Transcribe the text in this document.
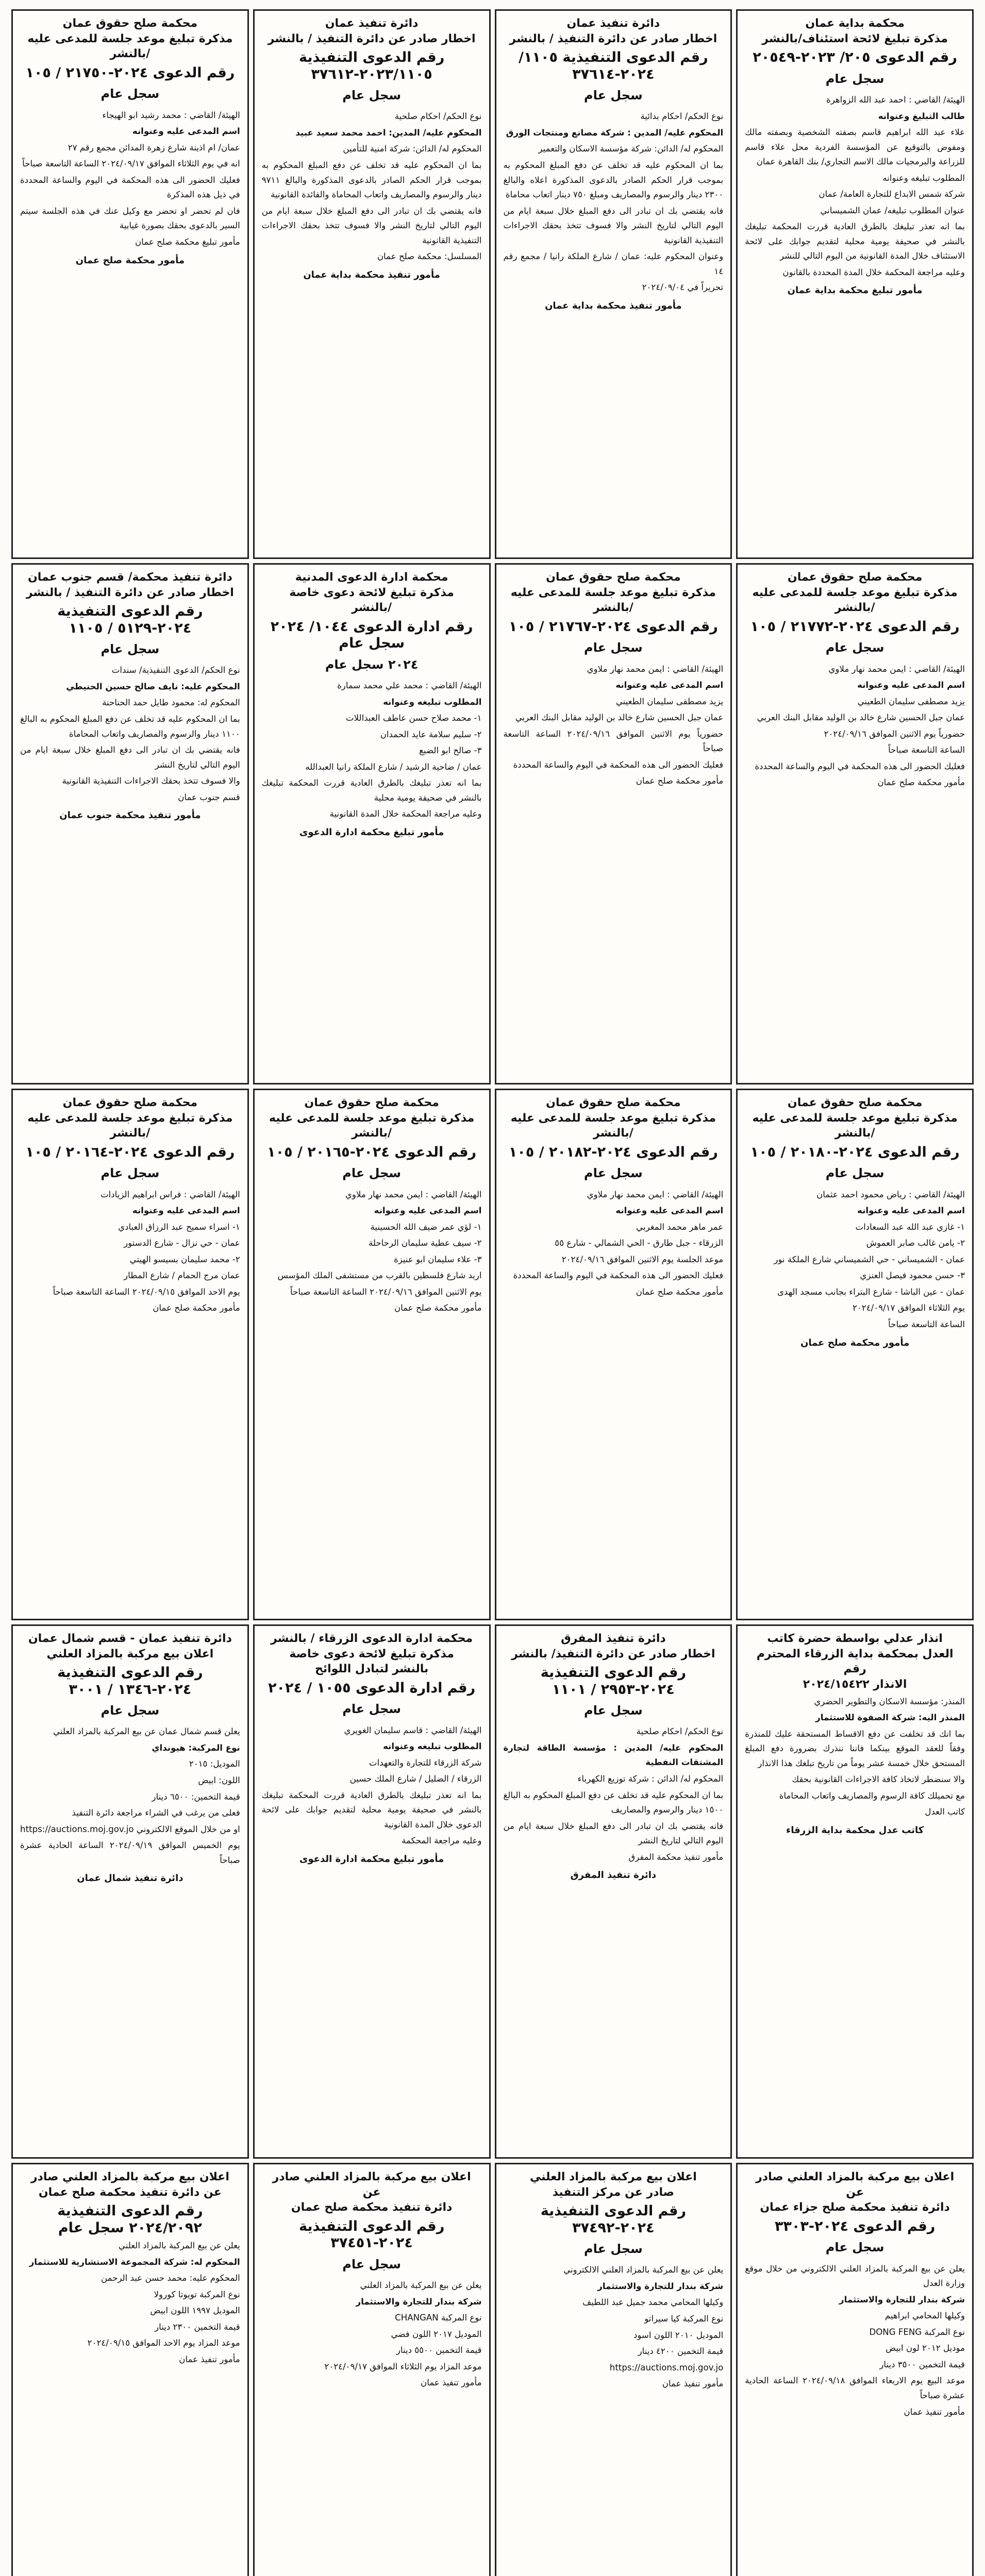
محكمة بداية عمان
مذكرة تبليغ لائحة استئناف/بالنشر
رقم الدعوى ٢٠٥/ ٢٠٢٣-٢٠٥٤٩
سجل عام
الهيئة/ القاضي : احمد عبد الله الزواهرة
طالب التبليغ وعنوانه
علاء عبد الله ابراهيم قاسم بصفته الشخصية وبصفته مالك ومفوض بالتوقيع عن المؤسسة الفردية محل علاء قاسم للزراعة والبرمجيات مالك الاسم التجاري/ بنك القاهرة عمان
المطلوب تبليغه وعنوانه
شركة شمس الابداع للتجارة العامة/ عمان
عنوان المطلوب تبليغه/ عمان الشميساني
بما انه تعذر تبليغك بالطرق العادية قررت المحكمة تبليغك بالنشر في صحيفة يومية محلية لتقديم جوابك على لائحة الاستئناف خلال المدة القانونية من اليوم التالي للنشر
وعليه مراجعة المحكمة خلال المدة المحددة بالقانون
مأمور تبليغ محكمة بداية عمان
دائرة تنفيذ عمان
اخطار صادر عن دائرة التنفيذ / بالنشر
رقم الدعوى التنفيذية ١١٠٥/ ٢٠٢٤-٣٧٦١٤
سجل عام
نوع الحكم/ احكام بدائية
المحكوم عليه/ المدين : شركة مصانع ومنتجات الورق
المحكوم له/ الدائن: شركة مؤسسة الاسكان والتعمير
بما ان المحكوم عليه قد تخلف عن دفع المبلغ المحكوم به بموجب قرار الحكم الصادر بالدعوى المذكورة اعلاه والبالغ ٢٣٠٠ دينار والرسوم والمصاريف ومبلغ ٧٥٠ دينار اتعاب محاماة
فانه يقتضي بك ان تبادر الى دفع المبلغ خلال سبعة ايام من اليوم التالي لتاريخ النشر والا فسوف تتخذ بحقك الاجراءات التنفيذية القانونية
وعنوان المحكوم عليه: عمان / شارع الملكة رانيا / مجمع رقم ١٤
تحريراً في ٢٠٢٤/٠٩/٠٤
مأمور تنفيذ محكمة بداية عمان
دائرة تنفيذ عمان
اخطار صادر عن دائرة التنفيذ / بالنشر
رقم الدعوى التنفيذية ٢٠٢٣/١١٠٥-٣٧٦١٢
سجل عام
نوع الحكم/ احكام صلحية
المحكوم عليه/ المدين: احمد محمد سعيد عبيد
المحكوم له/ الدائن: شركة امنية للتأمين
بما ان المحكوم عليه قد تخلف عن دفع المبلغ المحكوم به بموجب قرار الحكم الصادر بالدعوى المذكورة والبالغ ٩٧١١ دينار والرسوم والمصاريف واتعاب المحاماة والفائدة القانونية
فانه يقتضي بك ان تبادر الى دفع المبلغ خلال سبعة ايام من اليوم التالي لتاريخ النشر والا فسوف تتخذ بحقك الاجراءات التنفيذية القانونية
المسلسل: محكمة صلح عمان
مأمور تنفيذ محكمة بداية عمان
محكمة صلح حقوق عمان
مذكرة تبليغ موعد جلسة للمدعى عليه
/بالنشر
رقم الدعوى ٢٠٢٤-٢١٧٥٠ / ١٠٥
سجل عام
الهيئة/ القاضي : محمد رشيد ابو الهيجاء
اسم المدعى عليه وعنوانه
عمان/ ام اذينة شارع زهرة المدائن مجمع رقم ٢٧
انه في يوم الثلاثاء الموافق ٢٠٢٤/٠٩/١٧ الساعة التاسعة صباحاً
فعليك الحضور الى هذه المحكمة في اليوم والساعة المحددة في ذيل هذه المذكرة
فان لم تحضر او تحضر مع وكيل عنك في هذه الجلسة سيتم السير بالدعوى بحقك بصورة غيابية
مأمور تبليغ محكمة صلح عمان
مأمور محكمة صلح عمان
محكمة صلح حقوق عمان
مذكرة تبليغ موعد جلسة للمدعى عليه
/بالنشر
رقم الدعوى ٢٠٢٤-٢١٧٧٢ / ١٠٥
سجل عام
الهيئة/ القاضي : ايمن محمد نهار ملاوي
اسم المدعى عليه وعنوانه
يزيد مصطفى سليمان الطعيني
عمان جبل الحسين شارع خالد بن الوليد مقابل البنك العربي
حضورياً يوم الاثنين الموافق ٢٠٢٤/٠٩/١٦
الساعة التاسعة صباحاً
فعليك الحضور الى هذه المحكمة في اليوم والساعة المحددة
مأمور محكمة صلح عمان
محكمة صلح حقوق عمان
مذكرة تبليغ موعد جلسة للمدعى عليه
/بالنشر
رقم الدعوى ٢٠٢٤-٢١٧٦٧ / ١٠٥
سجل عام
الهيئة/ القاضي : ايمن محمد نهار ملاوي
اسم المدعى عليه وعنوانه
يزيد مصطفى سليمان الطعيني
عمان جبل الحسين شارع خالد بن الوليد مقابل البنك العربي
حضورياً يوم الاثنين الموافق ٢٠٢٤/٠٩/١٦ الساعة التاسعة صباحاً
فعليك الحضور الى هذه المحكمة في اليوم والساعة المحددة
مأمور محكمة صلح عمان
محكمة ادارة الدعوى المدنية
مذكرة تبليغ لائحة دعوى خاصة
/بالنشر
رقم ادارة الدعوى ١٠٤٤/ ٢٠٢٤ سجل عام
٢٠٢٤ سجل عام
الهيئة/ القاضي : محمد علي محمد سمارة
المطلوب تبليغه وعنوانه
١- محمد صلاح حسن عاطف العبداللات
٢- سليم سلامة عايد الحمدان
٣- صالح ابو الضبع
عمان / ضاحية الرشيد / شارع الملكة رانيا العبدالله
بما انه تعذر تبليغك بالطرق العادية قررت المحكمة تبليغك بالنشر في صحيفة يومية محلية
وعليه مراجعة المحكمة خلال المدة القانونية
مأمور تبليغ محكمة ادارة الدعوى
دائرة تنفيذ محكمة/ قسم جنوب عمان
اخطار صادر عن دائرة التنفيذ / بالنشر
رقم الدعوى التنفيذية ٢٠٢٤-٥١٢٩ / ١١٠٥
سجل عام
نوع الحكم/ الدعوى التنفيذية/ سندات
المحكوم عليه: نايف صالح حسين الحنيطي
المحكوم له: محمود طايل حمد الحناحنة
بما ان المحكوم عليه قد تخلف عن دفع المبلغ المحكوم به البالغ ١١٠٠ دينار والرسوم والمصاريف واتعاب المحاماة
فانه يقتضي بك ان تبادر الى دفع المبلغ خلال سبعة ايام من اليوم التالي لتاريخ النشر
والا فسوف تتخذ بحقك الاجراءات التنفيذية القانونية
قسم جنوب عمان
مأمور تنفيذ محكمة جنوب عمان
محكمة صلح حقوق عمان
مذكرة تبليغ موعد جلسة للمدعى عليه
/بالنشر
رقم الدعوى ٢٠٢٤-٢٠١٨٠ / ١٠٥
سجل عام
الهيئة/ القاضي : رياض محمود احمد عثمان
اسم المدعى عليه وعنوانه
١- غازي عبد الله عبد السعادات
٢- يامن غالب صابر العموش
عمان - الشميساني - حي الشميساني شارع الملكة نور
٣- حسن محمود فيصل العنزي
عمان - عين الباشا - شارع البتراء بجانب مسجد الهدى
يوم الثلاثاء الموافق ٢٠٢٤/٠٩/١٧
الساعة التاسعة صباحاً
مأمور محكمة صلح عمان
محكمة صلح حقوق عمان
مذكرة تبليغ موعد جلسة للمدعى عليه
/بالنشر
رقم الدعوى ٢٠٢٤-٢٠١٨٢ / ١٠٥
سجل عام
الهيئة/ القاضي : ايمن محمد نهار ملاوي
اسم المدعى عليه وعنوانه
عمر ماهر محمد المغربي
الزرقاء - جبل طارق - الحي الشمالي - شارع ٥٥
موعد الجلسة يوم الاثنين الموافق ٢٠٢٤/٠٩/١٦
فعليك الحضور الى هذه المحكمة في اليوم والساعة المحددة
مأمور محكمة صلح عمان
محكمة صلح حقوق عمان
مذكرة تبليغ موعد جلسة للمدعى عليه
/بالنشر
رقم الدعوى ٢٠٢٤-٢٠١٦٥ / ١٠٥
سجل عام
الهيئة/ القاضي : ايمن محمد نهار ملاوي
اسم المدعى عليه وعنوانه
١- لؤي عمر ضيف الله الحسينية
٢- سيف عطية سليمان الرحاحلة
٣- علاء سليمان ابو عنيزة
اربد شارع فلسطين بالقرب من مستشفى الملك المؤسس
يوم الاثنين الموافق ٢٠٢٤/٠٩/١٦ الساعة التاسعة صباحاً
مأمور محكمة صلح عمان
محكمة صلح حقوق عمان
مذكرة تبليغ موعد جلسة للمدعى عليه
/بالنشر
رقم الدعوى ٢٠٢٤-٢٠١٦٤ / ١٠٥
سجل عام
الهيئة/ القاضي : فراس ابراهيم الزيادات
اسم المدعى عليه وعنوانه
١- اسراء سميح عبد الرزاق العبادي
عمان - حي نزال - شارع الدستور
٢- محمد سليمان بسيسو الهيتي
عمان مرج الحمام / شارع المطار
يوم الاحد الموافق ٢٠٢٤/٠٩/١٥ الساعة التاسعة صباحاً
مأمور محكمة صلح عمان
انذار عدلي بواسطة حضرة كاتب
العدل بمحكمة بداية الزرقاء المحترم رقم
الانذار ٢٠٢٤/١٥٤٢٢
المنذر: مؤسسة الاسكان والتطوير الحضري
المنذر اليه: شركة الصفوة للاستثمار
بما انك قد تخلفت عن دفع الاقساط المستحقة عليك للمنذرة وفقاً للعقد الموقع بينكما فاننا ننذرك بضرورة دفع المبلغ المستحق خلال خمسة عشر يوماً من تاريخ تبلغك هذا الانذار
والا سنضطر لاتخاذ كافة الاجراءات القانونية بحقك
مع تحميلك كافة الرسوم والمصاريف واتعاب المحاماة
كاتب العدل
كاتب عدل محكمة بداية الزرقاء
دائرة تنفيذ المفرق
اخطار صادر عن دائرة التنفيذ/ بالنشر
رقم الدعوى التنفيذية ٢٠٢٤-٢٩٥٣ / ١١٠١
سجل عام
نوع الحكم/ احكام صلحية
المحكوم عليه/ المدين : مؤسسة الطاقة لتجارة المشتقات النفطية
المحكوم له/ الدائن : شركة توزيع الكهرباء
بما ان المحكوم عليه قد تخلف عن دفع المبلغ المحكوم به البالغ ١٥٠٠ دينار والرسوم والمصاريف
فانه يقتضي بك ان تبادر الى دفع المبلغ خلال سبعة ايام من اليوم التالي لتاريخ النشر
مأمور تنفيذ محكمة المفرق
دائرة تنفيذ المفرق
محكمة ادارة الدعوى الزرقاء / بالنشر
مذكرة تبليغ لائحة دعوى خاصة
بالنشر لتبادل اللوائح
رقم ادارة الدعوى ١٠٥٥ / ٢٠٢٤
سجل عام
الهيئة/ القاضي : قاسم سليمان الغويري
المطلوب تبليغه وعنوانه
شركة الزرقاء للتجارة والتعهدات
الزرقاء / الضليل / شارع الملك حسين
بما انه تعذر تبليغك بالطرق العادية قررت المحكمة تبليغك بالنشر في صحيفة يومية محلية لتقديم جوابك على لائحة الدعوى خلال المدة القانونية
وعليه مراجعة المحكمة
مأمور تبليغ محكمة ادارة الدعوى
دائرة تنفيذ عمان - قسم شمال عمان
اعلان بيع مركبة بالمزاد العلني
رقم الدعوى التنفيذية ٢٠٢٤-١٣٤٦ / ٣٠٠١
سجل عام
يعلن قسم شمال عمان عن بيع المركبة بالمزاد العلني
نوع المركبة: هيونداي
الموديل: ٢٠١٥
اللون: ابيض
قيمة التخمين: ٦٥٠٠ دينار
فعلى من يرغب في الشراء مراجعة دائرة التنفيذ
او من خلال الموقع الالكتروني https://auctions.moj.gov.jo
يوم الخميس الموافق ٢٠٢٤/٠٩/١٩ الساعة الحادية عشرة صباحاً
دائرة تنفيذ شمال عمان
اعلان بيع مركبة بالمزاد العلني صادر عن
دائرة تنفيذ محكمة صلح جزاء عمان
رقم الدعوى ٢٠٢٤-٣٣٠٣
سجل عام
يعلن عن بيع المركبة بالمزاد العلني الالكتروني من خلال موقع وزارة العدل
شركة بندار للتجارة والاستثمار
وكيلها المحامي ابراهيم
نوع المركبة DONG FENG
موديل ٢٠١٢ لون ابيض
قيمة التخمين ٣٥٠٠ دينار
موعد البيع يوم الاربعاء الموافق ٢٠٢٤/٠٩/١٨ الساعة الحادية عشرة صباحاً
مأمور تنفيذ عمان
اعلان بيع مركبة بالمزاد العلني
صادر عن مركز التنفيذ
رقم الدعوى التنفيذية ٢٠٢٤-٣٧٤٩٢
سجل عام
يعلن عن بيع المركبة بالمزاد العلني الالكتروني
شركة بندار للتجارة والاستثمار
وكيلها المحامي محمد جميل عبد اللطيف
نوع المركبة كيا سيراتو
الموديل ٢٠١٠ اللون اسود
قيمة التخمين ٤٢٠٠ دينار
https://auctions.moj.gov.jo
مأمور تنفيذ عمان
اعلان بيع مركبة بالمزاد العلني صادر عن
دائرة تنفيذ محكمة صلح عمان
رقم الدعوى التنفيذية ٢٠٢٤-٣٧٤٥١
سجل عام
يعلن عن بيع المركبة بالمزاد العلني
شركة بندار للتجارة والاستثمار
نوع المركبة CHANGAN
الموديل ٢٠١٧ اللون فضي
قيمة التخمين ٥٥٠٠ دينار
موعد المزاد يوم الثلاثاء الموافق ٢٠٢٤/٠٩/١٧
مأمور تنفيذ عمان
اعلان بيع مركبة بالمزاد العلني صادر
عن دائرة تنفيذ محكمة صلح عمان
رقم الدعوى التنفيذية ٢٠٢٤/٢٠٩٢ سجل عام
يعلن عن بيع المركبة بالمزاد العلني
المحكوم له: شركة المجموعة الاستشارية للاستثمار
المحكوم عليه: محمد حسن عبد الرحمن
نوع المركبة تويوتا كورولا
الموديل ١٩٩٧ اللون ابيض
قيمة التخمين ٢٣٠٠ دينار
موعد المزاد يوم الاحد الموافق ٢٠٢٤/٠٩/١٥
مأمور تنفيذ عمان
